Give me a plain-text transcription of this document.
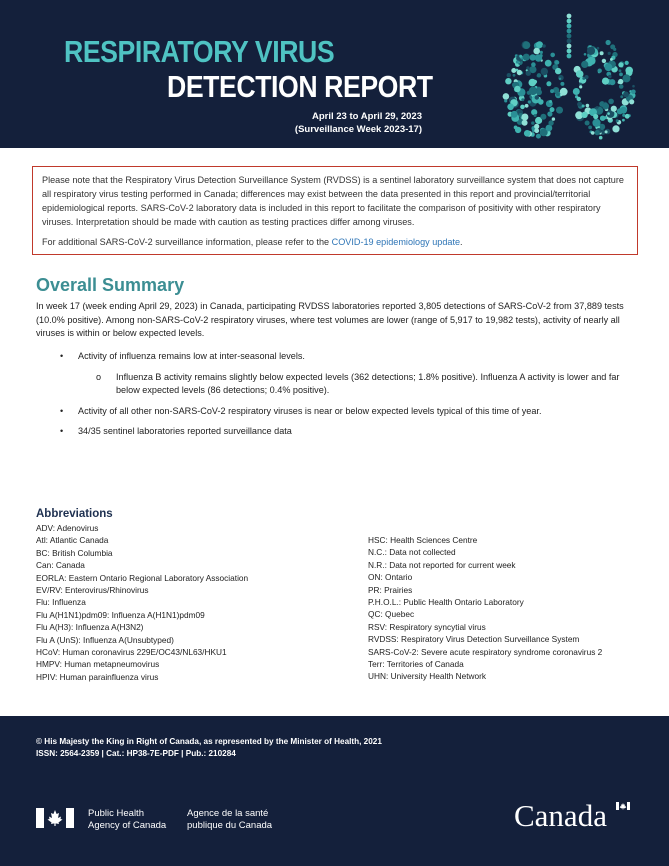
RESPIRATORY VIRUS
DETECTION REPORT
April 23 to April 29, 2023
(Surveillance Week 2023-17)

Please note that the Respiratory Virus Detection Surveillance System (RVDSS) is a sentinel laboratory surveillance system that does not capture all respiratory virus testing performed in Canada; differences may exist between the data presented in this report and provincial/territorial epidemiological reports. SARS-CoV-2 laboratory data is included in this report to facilitate the comparison of positivity with other respiratory viruses. Interpretation should be made with caution as testing practices differ among viruses.

For additional SARS-CoV-2 surveillance information, please refer to the COVID-19 epidemiology update.

Overall Summary
In week 17 (week ending April 29, 2023) in Canada, participating RVDSS laboratories reported 3,805 detections of SARS-CoV-2 from 37,889 tests (10.0% positive). Among non-SARS-CoV-2 respiratory viruses, where test volumes are lower (range of 5,917 to 19,982 tests), activity of nearly all viruses is within or below expected levels.
• Activity of influenza remains low at inter-seasonal levels.
o Influenza B activity remains slightly below expected levels (362 detections; 1.8% positive). Influenza A activity is lower and far below expected levels (86 detections; 0.4% positive).
• Activity of all other non-SARS-CoV-2 respiratory viruses is near or below expected levels typical of this time of year.
• 34/35 sentinel laboratories reported surveillance data
Abbreviations
ADV: Adenovirus
Atl: Atlantic Canada
BC: British Columbia
Can: Canada
EORLA: Eastern Ontario Regional Laboratory Association
EV/RV: Enterovirus/Rhinovirus
Flu: Influenza
Flu A(H1N1)pdm09: Influenza A(H1N1)pdm09
Flu A(H3): Influenza A(H3N2)
Flu A (UnS): Influenza A(Unsubtyped)
HCoV: Human coronavirus 229E/OC43/NL63/HKU1
HMPV: Human metapneumovirus
HPIV: Human parainfluenza virus
HSC: Health Sciences Centre
N.C.: Data not collected
N.R.: Data not reported for current week
ON: Ontario
PR: Prairies
P.H.O.L.: Public Health Ontario Laboratory
QC: Quebec
RSV: Respiratory syncytial virus
RVDSS: Respiratory Virus Detection Surveillance System
SARS-CoV-2: Severe acute respiratory syndrome coronavirus 2
Terr: Territories of Canada
UHN: University Health Network
© His Majesty the King in Right of Canada, as represented by the Minister of Health, 2021
ISSN: 2564-2359 | Cat.: HP38-7E-PDF | Pub.: 210284
Public Health
Agency of Canada
Agence de la santé
publique du Canada	Canada
